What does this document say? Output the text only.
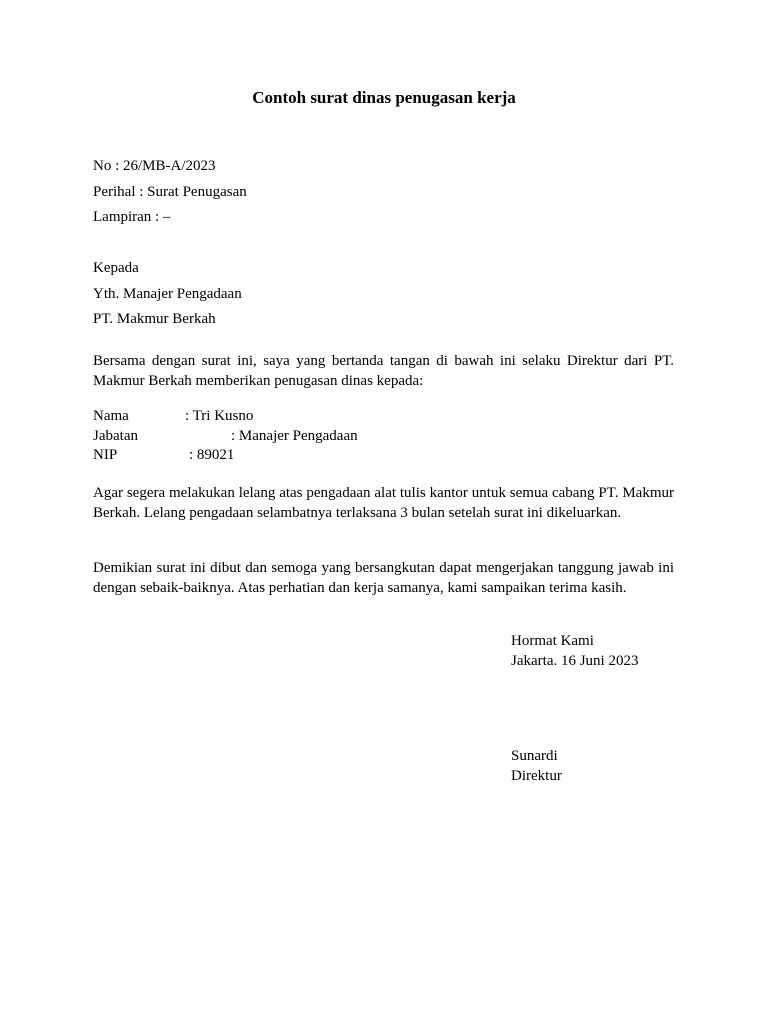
Contoh surat dinas penugasan kerja
No : 26/MB-A/2023
Perihal : Surat Penugasan
Lampiran : –
Kepada
Yth. Manajer Pengadaan
PT. Makmur Berkah
Bersama dengan surat ini, saya yang bertanda tangan di bawah ini selaku Direktur dari PT. Makmur Berkah memberikan penugasan dinas kepada:
Nama	: Tri Kusno
Jabatan	: Manajer Pengadaan
NIP	: 89021
Agar segera melakukan lelang atas pengadaan alat tulis kantor untuk semua cabang PT. Makmur Berkah. Lelang pengadaan selambatnya terlaksana 3 bulan setelah surat ini dikeluarkan.
Demikian surat ini dibut dan semoga yang bersangkutan dapat mengerjakan tanggung jawab ini dengan sebaik-baiknya. Atas perhatian dan kerja samanya, kami sampaikan terima kasih.
Hormat Kami
Jakarta. 16 Juni 2023
Sunardi
Direktur
